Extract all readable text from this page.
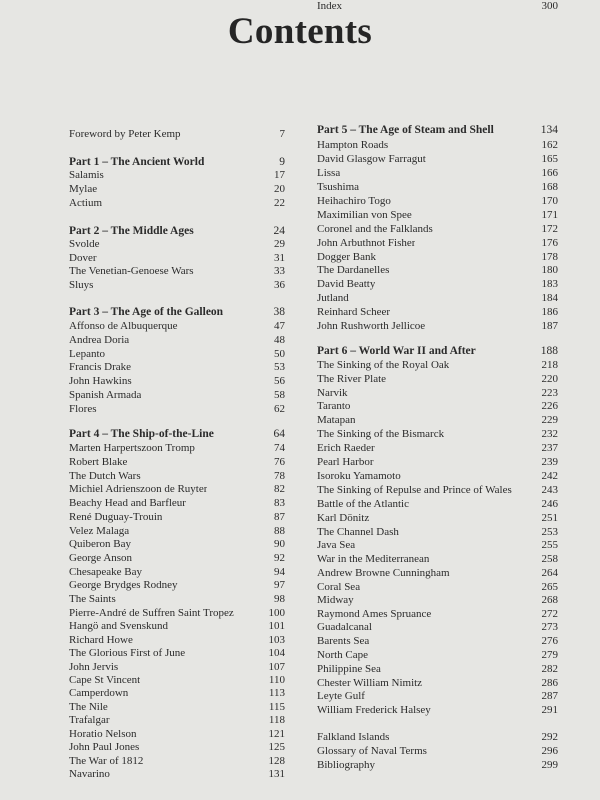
Contents
Foreword by Peter Kemp	7
Part 1 – The Ancient World	9
Salamis	17
Mylae	20
Actium	22
Part 2 – The Middle Ages	24
Svolde	29
Dover	31
The Venetian-Genoese Wars	33
Sluys	36
Part 3 – The Age of the Galleon	38
Affonso de Albuquerque	47
Andrea Doria	48
Lepanto	50
Francis Drake	53
John Hawkins	56
Spanish Armada	58
Flores	62
Part 4 – The Ship-of-the-Line	64
Marten Harpertszoon Tromp	74
Robert Blake	76
The Dutch Wars	78
Michiel Adrienszoon de Ruyter	82
Beachy Head and Barfleur	83
René Duguay-Trouin	87
Velez Malaga	88
Quiberon Bay	90
George Anson	92
Chesapeake Bay	94
George Brydges Rodney	97
The Saints	98
Pierre-André de Suffren Saint Tropez	100
Hangö and Svenskund	101
Richard Howe	103
The Glorious First of June	104
John Jervis	107
Cape St Vincent	110
Camperdown	113
The Nile	115
Trafalgar	118
Horatio Nelson	121
John Paul Jones	125
The War of 1812	128
Navarino	131
Part 5 – The Age of Steam and Shell	134
Hampton Roads	162
David Glasgow Farragut	165
Lissa	166
Tsushima	168
Heihachiro Togo	170
Maximilian von Spee	171
Coronel and the Falklands	172
John Arbuthnot Fisher	176
Dogger Bank	178
The Dardanelles	180
David Beatty	183
Jutland	184
Reinhard Scheer	186
John Rushworth Jellicoe	187
Part 6 – World War II and After	188
The Sinking of the Royal Oak	218
The River Plate	220
Narvik	223
Taranto	226
Matapan	229
The Sinking of the Bismarck	232
Erich Raeder	237
Pearl Harbor	239
Isoroku Yamamoto	242
The Sinking of Repulse and Prince of Wales	243
Battle of the Atlantic	246
Karl Dönitz	251
The Channel Dash	253
Java Sea	255
War in the Mediterranean	258
Andrew Browne Cunningham	264
Coral Sea	265
Midway	268
Raymond Ames Spruance	272
Guadalcanal	273
Barents Sea	276
North Cape	279
Philippine Sea	282
Chester William Nimitz	286
Leyte Gulf	287
William Frederick Halsey	291
Falkland Islands	292
Glossary of Naval Terms	296
Bibliography	299
Index	300
